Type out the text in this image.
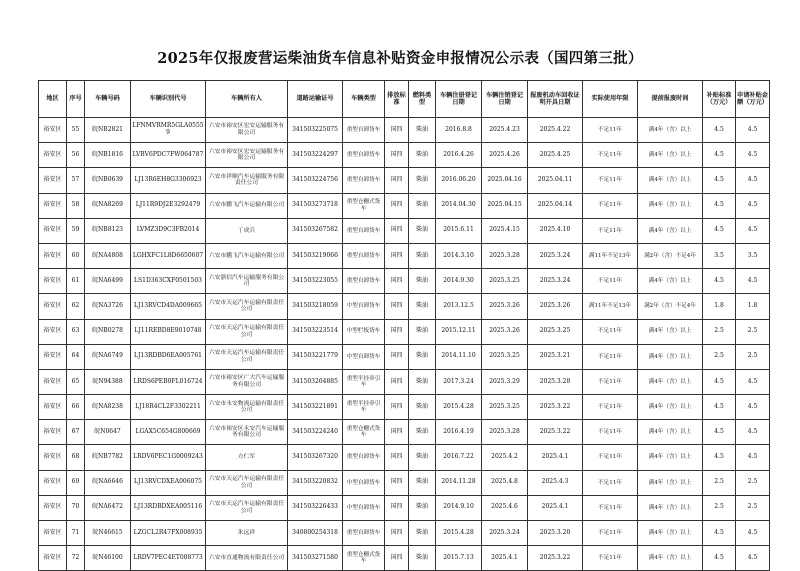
2025年仅报废营运柴油货车信息补贴资金申报情况公示表（国四第三批）
地区	序号	车辆号码	车辆识别代号	车辆所有人	道路运输证号	车辆类型	排放标准	燃料类型	车辆注册登记日期	车辆注销登记日期	报废机动车回收证明开具日期	实际使用年限	提前报废时间	补贴标准（万元）	申请补贴金额（万元）
裕安区	55	皖NB2821	LFNMVRMR5GLA05559	六安市裕安区宏安运输服务有限公司	341503225075	重型自卸货车	国四	柴油	2016.8.8	2025.4.23	2025.4.22	不足11年	满4年（含）以上	4.5	4.5
裕安区	56	皖NB1816	LVBV6PDC7FW064787	六安市裕安区宏安运输服务有限公司	341503224297	重型自卸货车	国四	柴油	2016.4.26	2025.4.26	2025.4.25	不足11年	满4年（含）以上	4.5	4.5
裕安区	57	皖NB0639	LJ13R6EH8G3306923	六安市祥顺汽车运输服务有限责任公司	341503224756	重型自卸货车	国四	柴油	2016.06.20	2025.04.16	2025.04.11	不足11年	满4年（含）以上	4.5	4.5
裕安区	58	皖NA8269	LJ11R9DJ2E3292479	六安市鹏飞汽车运输有限公司	341503273718	重型仓栅式货车	国四	柴油	2014.04.30	2025.04.15	2025.04.14	不足11年	满4年（含）以上	4.5	4.5
裕安区	59	皖NB8123	LVMZ3D9C3FB2014	丁成兵	341503267582	重型自卸货车	国四	柴油	2015.6.11	2025.4.15	2025.4.10	不足11年	满4年（含）以上	4.5	4.5
裕安区	60	皖NA4808	LGHXFC1L8D6650607	六安市鹏飞汽车运输有限公司	341503219066	重型自卸货车	国四	柴油	2014.3.10	2025.3.28	2025.3.24	满11年不足13年	满2年（含）不足4年	3.5	3.5
裕安区	61	皖NA6499	LS1D363CXF0501503	六安浙信汽车运输服务有限公司	341503223055	重型自卸货车	国四	柴油	2014.9.30	2025.3.25	2025.3.24	不足11年	满4年（含）以上	4.5	4.5
裕安区	62	皖NA3726	LJ13RVCD4DA009665	六安市天运汽车运输有限责任公司	341503218059	中型自卸货车	国四	柴油	2013.12.5	2025.3.26	2025.3.26	满11年不足13年	满2年（含）不足4年	1.8	1.8
裕安区	63	皖NB0278	LJ11REBD8E9010748	六安市天运汽车运输有限责任公司	341503223514	中型栏板货车	国四	柴油	2015.12.11	2025.3.26	2025.3.25	不足11年	满4年（含）以上	2.5	2.5
裕安区	64	皖NA6749	LJ13RDBD6EA005761	六安市天运汽车运输有限责任公司	341503221779	中型自卸货车	国四	柴油	2014.11.10	2025.3.25	2025.3.21	不足11年	满4年（含）以上	2.5	2.5
裕安区	65	皖N94388	LRDS6PEB0FL016724	六安市裕安区广大汽车运输服务有限公司	341503264885	重型半挂牵引车	国四	柴油	2017.3.24	2025.3.29	2025.3.28	不足11年	满4年（含）以上	4.5	4.5
裕安区	66	皖NA8238	LJ18R4CL2F3302211	六安市永安物流运输有限责任公司	341503221891	重型半挂牵引车	国四	柴油	2015.4.28	2025.3.25	2025.3.22	不足11年	满4年（含）以上	4.5	4.5
裕安区	67	皖N0647	LGAX5C654G800669	六安市裕安区永安汽车运输服务有限公司	341503224240	重型仓栅式货车	国四	柴油	2016.4.19	2025.3.28	2025.3.22	不足11年	满4年（含）以上	4.5	4.5
裕安区	68	皖NB7782	LRDV6PEC1G0009243	方仁军	341503267320	重型自卸货车	国四	柴油	2016.7.22	2025.4.2	2025.4.1	不足11年	满4年（含）以上	4.5	4.5
裕安区	69	皖NA6646	LJ13RVCDXEA006075	六安市天运汽车运输有限责任公司	341503220832	中型自卸货车	国四	柴油	2014.11.28	2025.4.8	2025.4.3	不足11年	满4年（含）以上	2.5	2.5
裕安区	70	皖NA6472	LJ13RDBDXEA005116	六安市天运汽车运输有限责任公司	341503226433	中型自卸货车	国四	柴油	2014.9.10	2025.4.6	2025.4.1	不足11年	满4年（含）以上	2.5	2.5
裕安区	71	皖N46615	LZGCL2R47FX008935	朱远祥	340800254318	重型自卸货车	国四	柴油	2015.4.28	2025.3.24	2025.3.20	不足11年	满4年（含）以上	4.5	4.5
裕安区	72	皖N46100	LRDV7PEC4ET008773	六安市直通物流有限责任公司	341503271580	重型仓栅式货车	国四	柴油	2015.7.13	2025.4.1	2025.3.22	不足11年	满4年（含）以上	4.5	4.5
